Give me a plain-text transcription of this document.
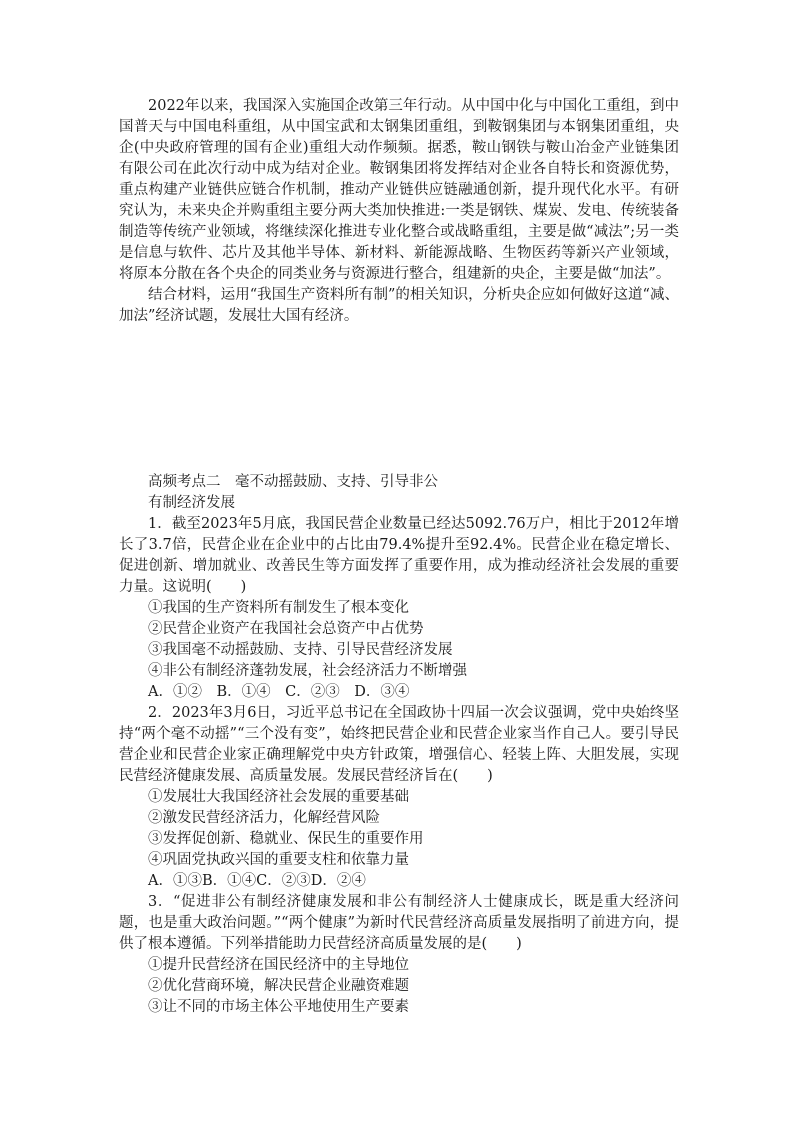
2022年以来，我国深入实施国企改第三年行动。从中国中化与中国化工重组，到中国普天与中国电科重组，从中国宝武和太钢集团重组，到鞍钢集团与本钢集团重组，央企(中央政府管理的国有企业)重组大动作频频。据悉，鞍山钢铁与鞍山冶金产业链集团有限公司在此次行动中成为结对企业。鞍钢集团将发挥结对企业各自特长和资源优势，重点构建产业链供应链合作机制，推动产业链供应链融通创新，提升现代化水平。有研究认为，未来央企并购重组主要分两大类加快推进:一类是钢铁、煤炭、发电、传统装备制造等传统产业领域，将继续深化推进专业化整合或战略重组，主要是做“减法”;另一类是信息与软件、芯片及其他半导体、新材料、新能源战略、生物医药等新兴产业领域，将原本分散在各个央企的同类业务与资源进行整合，组建新的央企，主要是做“加法”。

结合材料，运用“我国生产资料所有制”的相关知识，分析央企应如何做好这道“减、加法”经济试题，发展壮大国有经济。

高频考点二　毫不动摇鼓励、支持、引导非公

有制经济发展

1．截至2023年5月底，我国民营企业数量已经达5092.76万户，相比于2012年增长了3.7倍，民营企业在企业中的占比由79.4%提升至92.4%。民营企业在稳定增长、促进创新、增加就业、改善民生等方面发挥了重要作用，成为推动经济社会发展的重要力量。这说明(　　)

①我国的生产资料所有制发生了根本变化

②民营企业资产在我国社会总资产中占优势

③我国毫不动摇鼓励、支持、引导民营经济发展

④非公有制经济蓬勃发展，社会经济活力不断增强

A．①②　B．①④　C．②③　D．③④

2．2023年3月6日，习近平总书记在全国政协十四届一次会议强调，党中央始终坚持“两个毫不动摇”“三个没有变”，始终把民营企业和民营企业家当作自己人。要引导民营企业和民营企业家正确理解党中央方针政策，增强信心、轻装上阵、大胆发展，实现民营经济健康发展、高质量发展。发展民营经济旨在(　　)

①发展壮大我国经济社会发展的重要基础

②激发民营经济活力，化解经营风险

③发挥促创新、稳就业、保民生的重要作用

④巩固党执政兴国的重要支柱和依靠力量

A．①③B．①④C．②③D．②④

3．“促进非公有制经济健康发展和非公有制经济人士健康成长，既是重大经济问题，也是重大政治问题。”“两个健康”为新时代民营经济高质量发展指明了前进方向，提供了根本遵循。下列举措能助力民营经济高质量发展的是(　　)

①提升民营经济在国民经济中的主导地位

②优化营商环境，解决民营企业融资难题

③让不同的市场主体公平地使用生产要素
